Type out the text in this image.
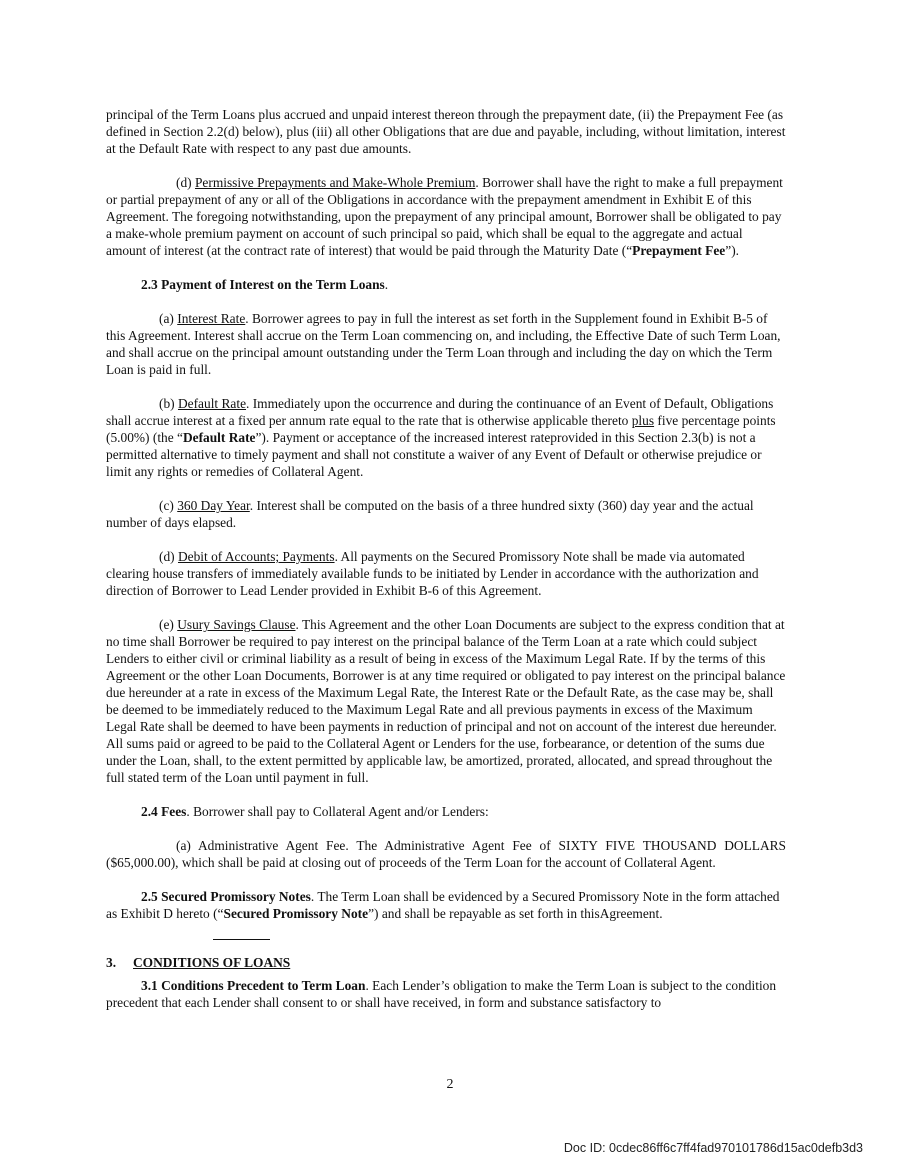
principal of the Term Loans plus accrued and unpaid interest thereon through the prepayment date, (ii) the Prepayment Fee (as defined in Section 2.2(d) below), plus (iii) all other Obligations that are due and payable, including, without limitation, interest at the Default Rate with respect to any past due amounts.

(d) Permissive Prepayments and Make-Whole Premium. Borrower shall have the right to make a full prepayment or partial prepayment of any or all of the Obligations in accordance with the prepayment amendment in Exhibit E of this Agreement. The foregoing notwithstanding, upon the prepayment of any principal amount, Borrower shall be obligated to pay a make-whole premium payment on account of such principal so paid, which shall be equal to the aggregate and actual amount of interest (at the contract rate of interest) that would be paid through the Maturity Date (“Prepayment Fee”).

2.3 Payment of Interest on the Term Loans.

(a) Interest Rate. Borrower agrees to pay in full the interest as set forth in the Supplement found in Exhibit B-5 of this Agreement. Interest shall accrue on the Term Loan commencing on, and including, the Effective Date of such Term Loan, and shall accrue on the principal amount outstanding under the Term Loan through and including the day on which the Term Loan is paid in full.

(b) Default Rate. Immediately upon the occurrence and during the continuance of an Event of Default, Obligations shall accrue interest at a fixed per annum rate equal to the rate that is otherwise applicable thereto plus five percentage points (5.00%) (the “Default Rate”). Payment or acceptance of the increased interest rateprovided in this Section 2.3(b) is not a permitted alternative to timely payment and shall not constitute a waiver of any Event of Default or otherwise prejudice or limit any rights or remedies of Collateral Agent.

(c) 360 Day Year. Interest shall be computed on the basis of a three hundred sixty (360) day year and the actual number of days elapsed.

(d) Debit of Accounts; Payments. All payments on the Secured Promissory Note shall be made via automated clearing house transfers of immediately available funds to be initiated by Lender in accordance with the authorization and direction of Borrower to Lead Lender provided in Exhibit B-6 of this Agreement.

(e) Usury Savings Clause. This Agreement and the other Loan Documents are subject to the express condition that at no time shall Borrower be required to pay interest on the principal balance of the Term Loan at a rate which could subject Lenders to either civil or criminal liability as a result of being in excess of the Maximum Legal Rate. If by the terms of this Agreement or the other Loan Documents, Borrower is at any time required or obligated to pay interest on the principal balance due hereunder at a rate in excess of the Maximum Legal Rate, the Interest Rate or the Default Rate, as the case may be, shall be deemed to be immediately reduced to the Maximum Legal Rate and all previous payments in excess of the Maximum Legal Rate shall be deemed to have been payments in reduction of principal and not on account of the interest due hereunder. All sums paid or agreed to be paid to the Collateral Agent or Lenders for the use, forbearance, or detention of the sums due under the Loan, shall, to the extent permitted by applicable law, be amortized, prorated, allocated, and spread throughout the full stated term of the Loan until payment in full.

2.4 Fees. Borrower shall pay to Collateral Agent and/or Lenders:

(a) Administrative Agent Fee. The Administrative Agent Fee of SIXTY FIVE THOUSAND DOLLARS ($65,000.00), which shall be paid at closing out of proceeds of the Term Loan for the account of Collateral Agent.

2.5 Secured Promissory Notes. The Term Loan shall be evidenced by a Secured Promissory Note in the form attached as Exhibit D hereto (“Secured Promissory Note”) and shall be repayable as set forth in thisAgreement.

3. CONDITIONS OF LOANS

3.1 Conditions Precedent to Term Loan. Each Lender’s obligation to make the Term Loan is subject to the condition precedent that each Lender shall consent to or shall have received, in form and substance satisfactory to

2
Doc ID: 0cdec86ff6c7ff4fad970101786d15ac0defb3d3
